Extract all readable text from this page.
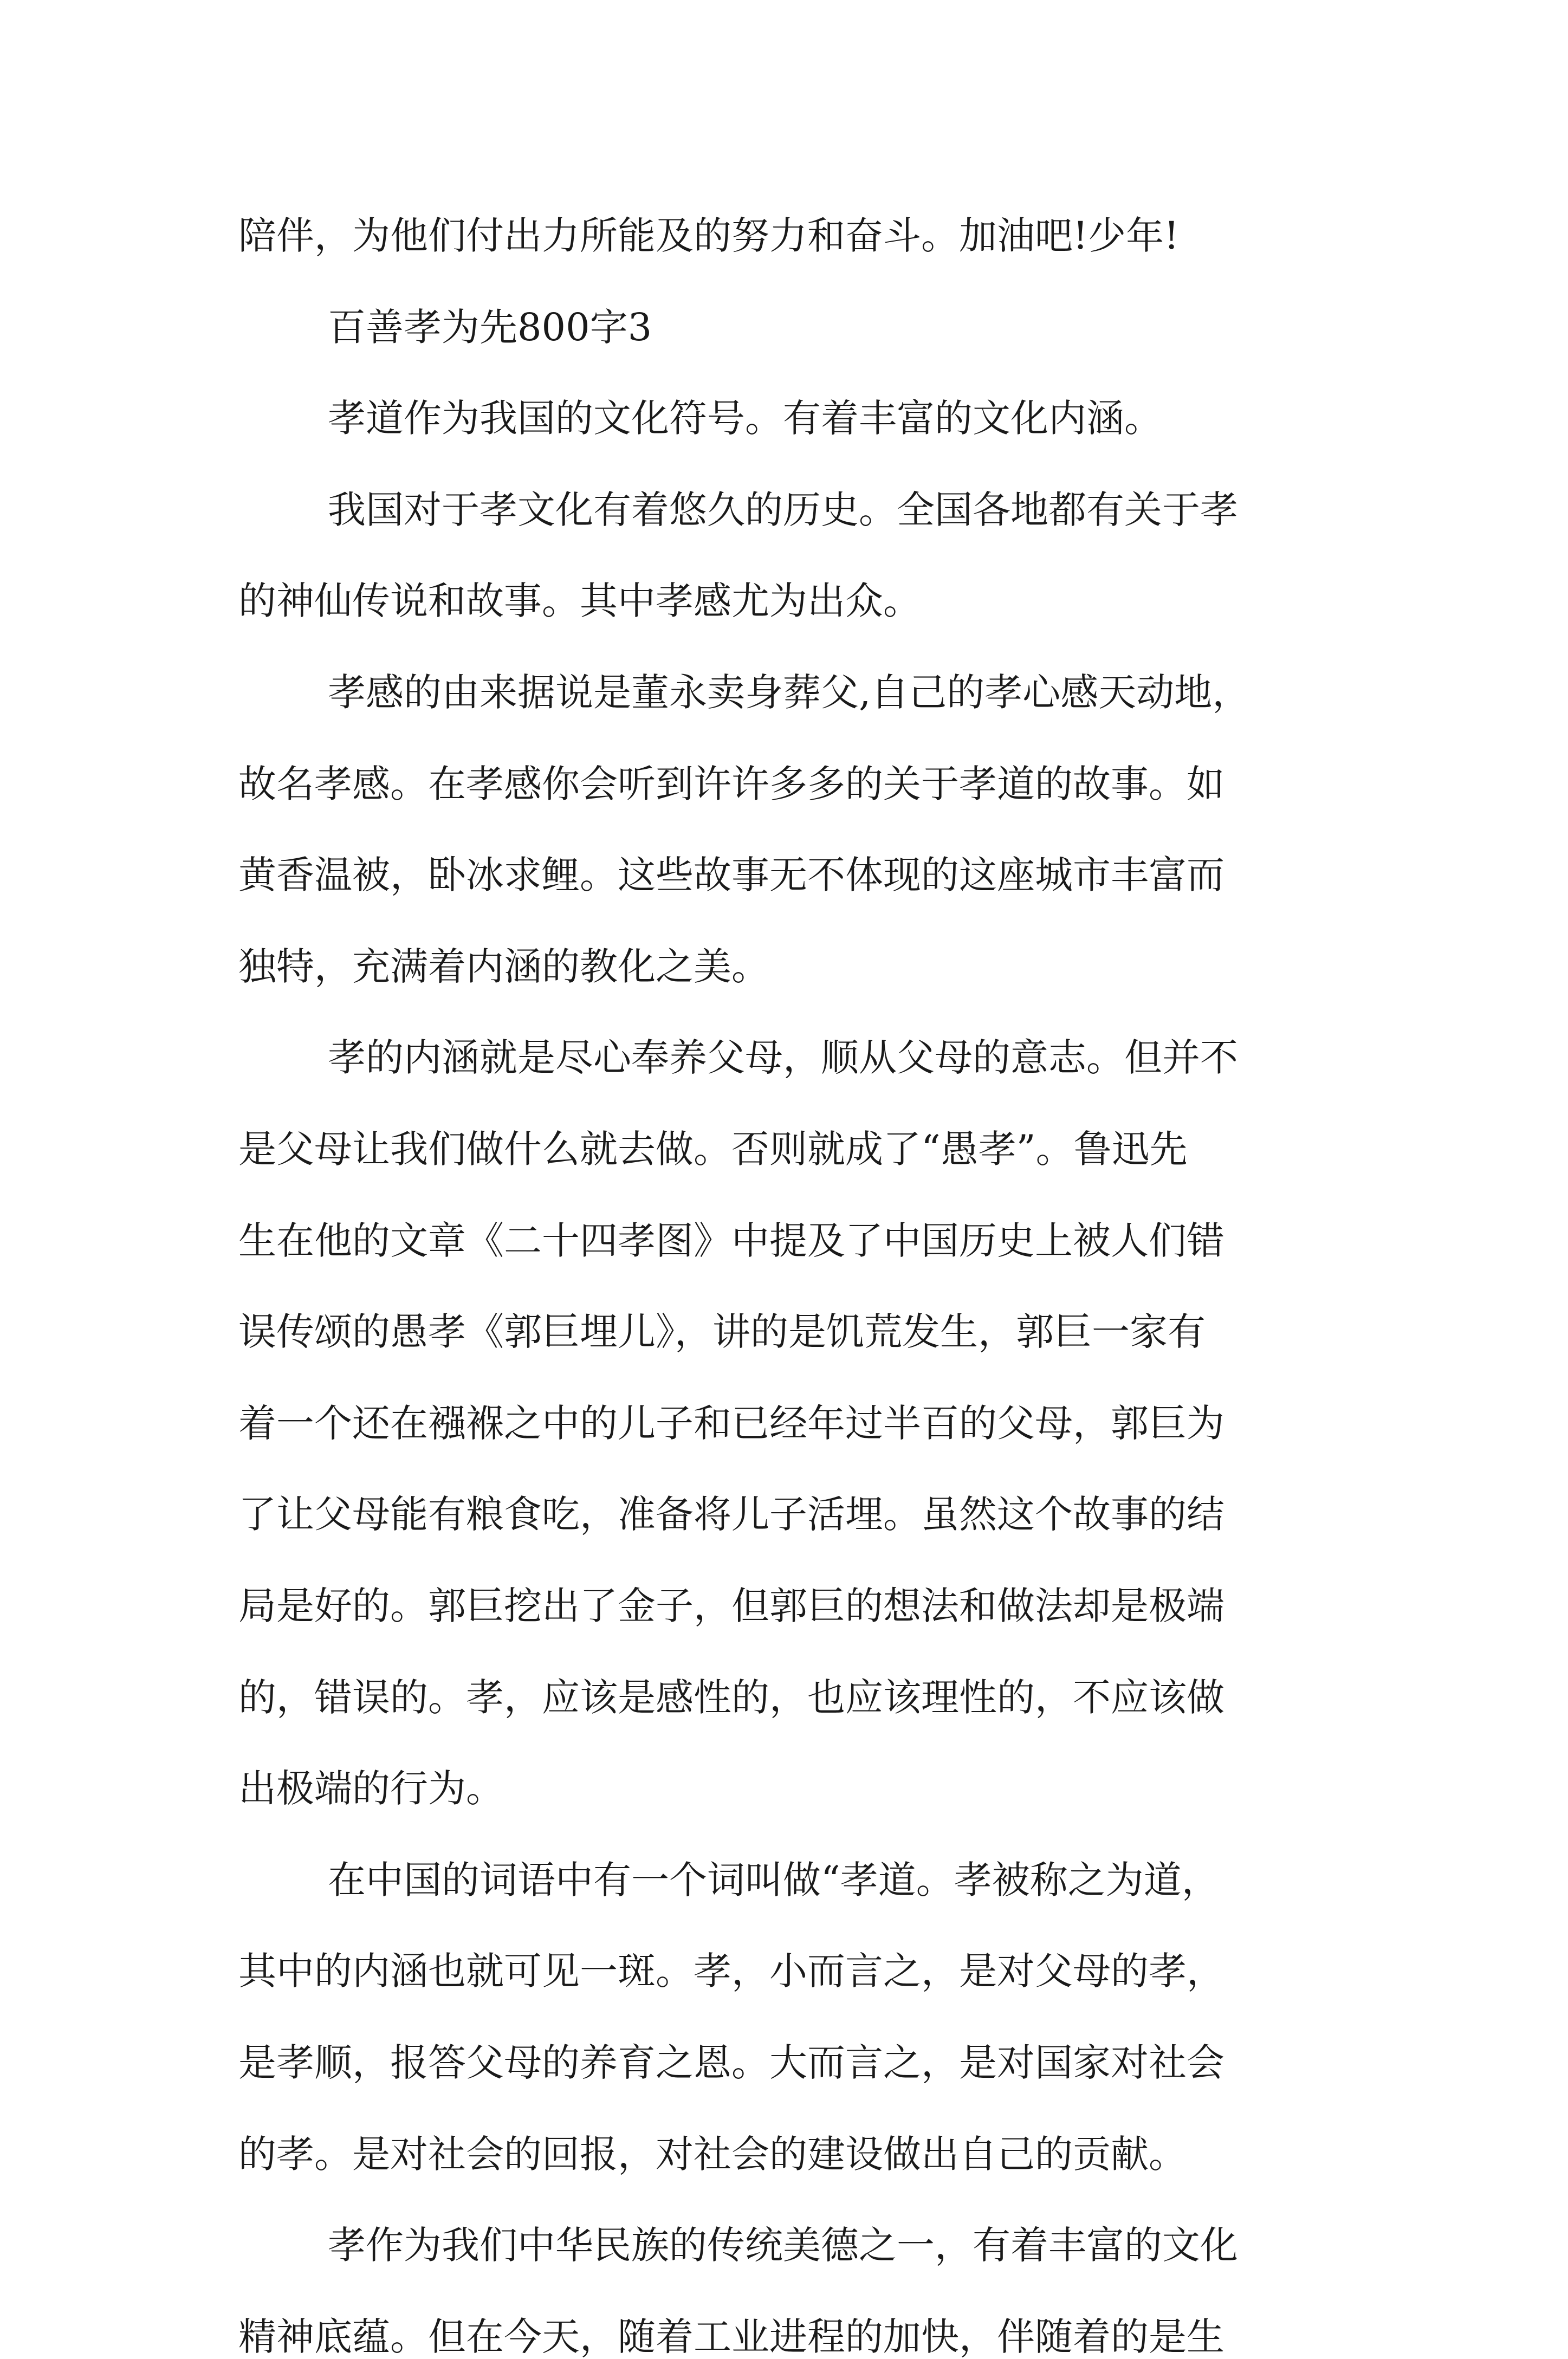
陪伴，为他们付出力所能及的努力和奋斗。加油吧!少年!

百善孝为先800字3

孝道作为我国的文化符号。有着丰富的文化内涵。

我国对于孝文化有着悠久的历史。全国各地都有关于孝

的神仙传说和故事。其中孝感尤为出众。

孝感的由来据说是董永卖身葬父,自己的孝心感天动地，

故名孝感。在孝感你会听到许许多多的关于孝道的故事。如

黄香温被，卧冰求鲤。这些故事无不体现的这座城市丰富而

独特，充满着内涵的教化之美。

孝的内涵就是尽心奉养父母，顺从父母的意志。但并不

是父母让我们做什么就去做。否则就成了“愚孝”。鲁迅先

生在他的文章《二十四孝图》中提及了中国历史上被人们错

误传颂的愚孝《郭巨埋儿》，讲的是饥荒发生，郭巨一家有

着一个还在襁褓之中的儿子和已经年过半百的父母，郭巨为

了让父母能有粮食吃，准备将儿子活埋。虽然这个故事的结

局是好的。郭巨挖出了金子，但郭巨的想法和做法却是极端

的，错误的。孝，应该是感性的，也应该理性的，不应该做

出极端的行为。

在中国的词语中有一个词叫做“孝道。孝被称之为道，

其中的内涵也就可见一斑。孝，小而言之，是对父母的孝，

是孝顺，报答父母的养育之恩。大而言之，是对国家对社会

的孝。是对社会的回报，对社会的建设做出自己的贡献。

孝作为我们中华民族的传统美德之一，有着丰富的文化

精神底蕴。但在今天，随着工业进程的加快，伴随着的是生
